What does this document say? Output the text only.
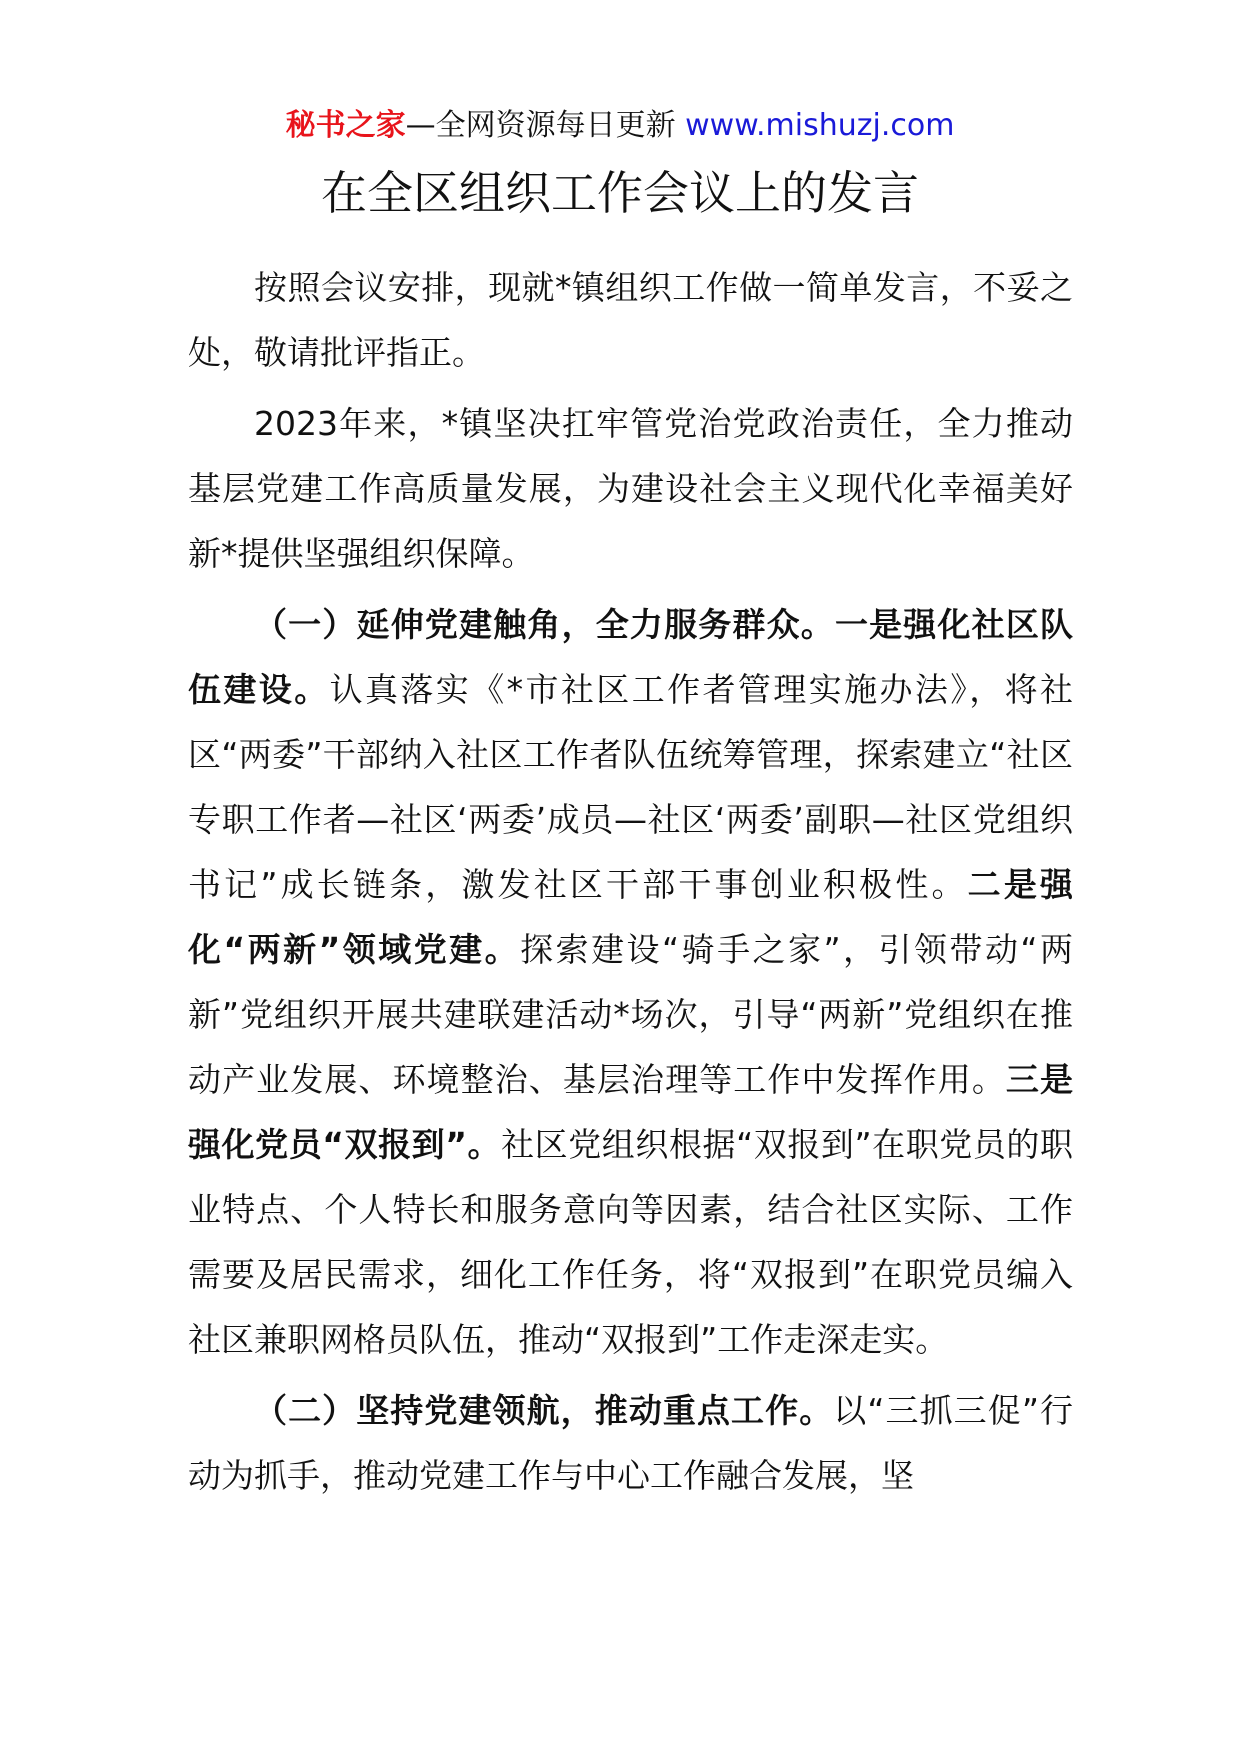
秘书之家—全网资源每日更新 www.mishuzj.com
在全区组织工作会议上的发言

按照会议安排，现就*镇组织工作做一简单发言，不妥之处，敬请批评指正。

2023年来，*镇坚决扛牢管党治党政治责任，全力推动基层党建工作高质量发展，为建设社会主义现代化幸福美好新*提供坚强组织保障。

（一）延伸党建触角，全力服务群众。一是强化社区队伍建设。认真落实《*市社区工作者管理实施办法》，将社区“两委”干部纳入社区工作者队伍统筹管理，探索建立“社区专职工作者—社区‘两委’成员—社区‘两委’副职—社区党组织书记”成长链条，激发社区干部干事创业积极性。二是强化“两新”领域党建。探索建设“骑手之家”，引领带动“两新”党组织开展共建联建活动*场次，引导“两新”党组织在推动产业发展、环境整治、基层治理等工作中发挥作用。三是强化党员“双报到”。社区党组织根据“双报到”在职党员的职业特点、个人特长和服务意向等因素，结合社区实际、工作需要及居民需求，细化工作任务，将“双报到”在职党员编入社区兼职网格员队伍，推动“双报到”工作走深走实。

（二）坚持党建领航，推动重点工作。以“三抓三促”行动为抓手，推动党建工作与中心工作融合发展，坚
